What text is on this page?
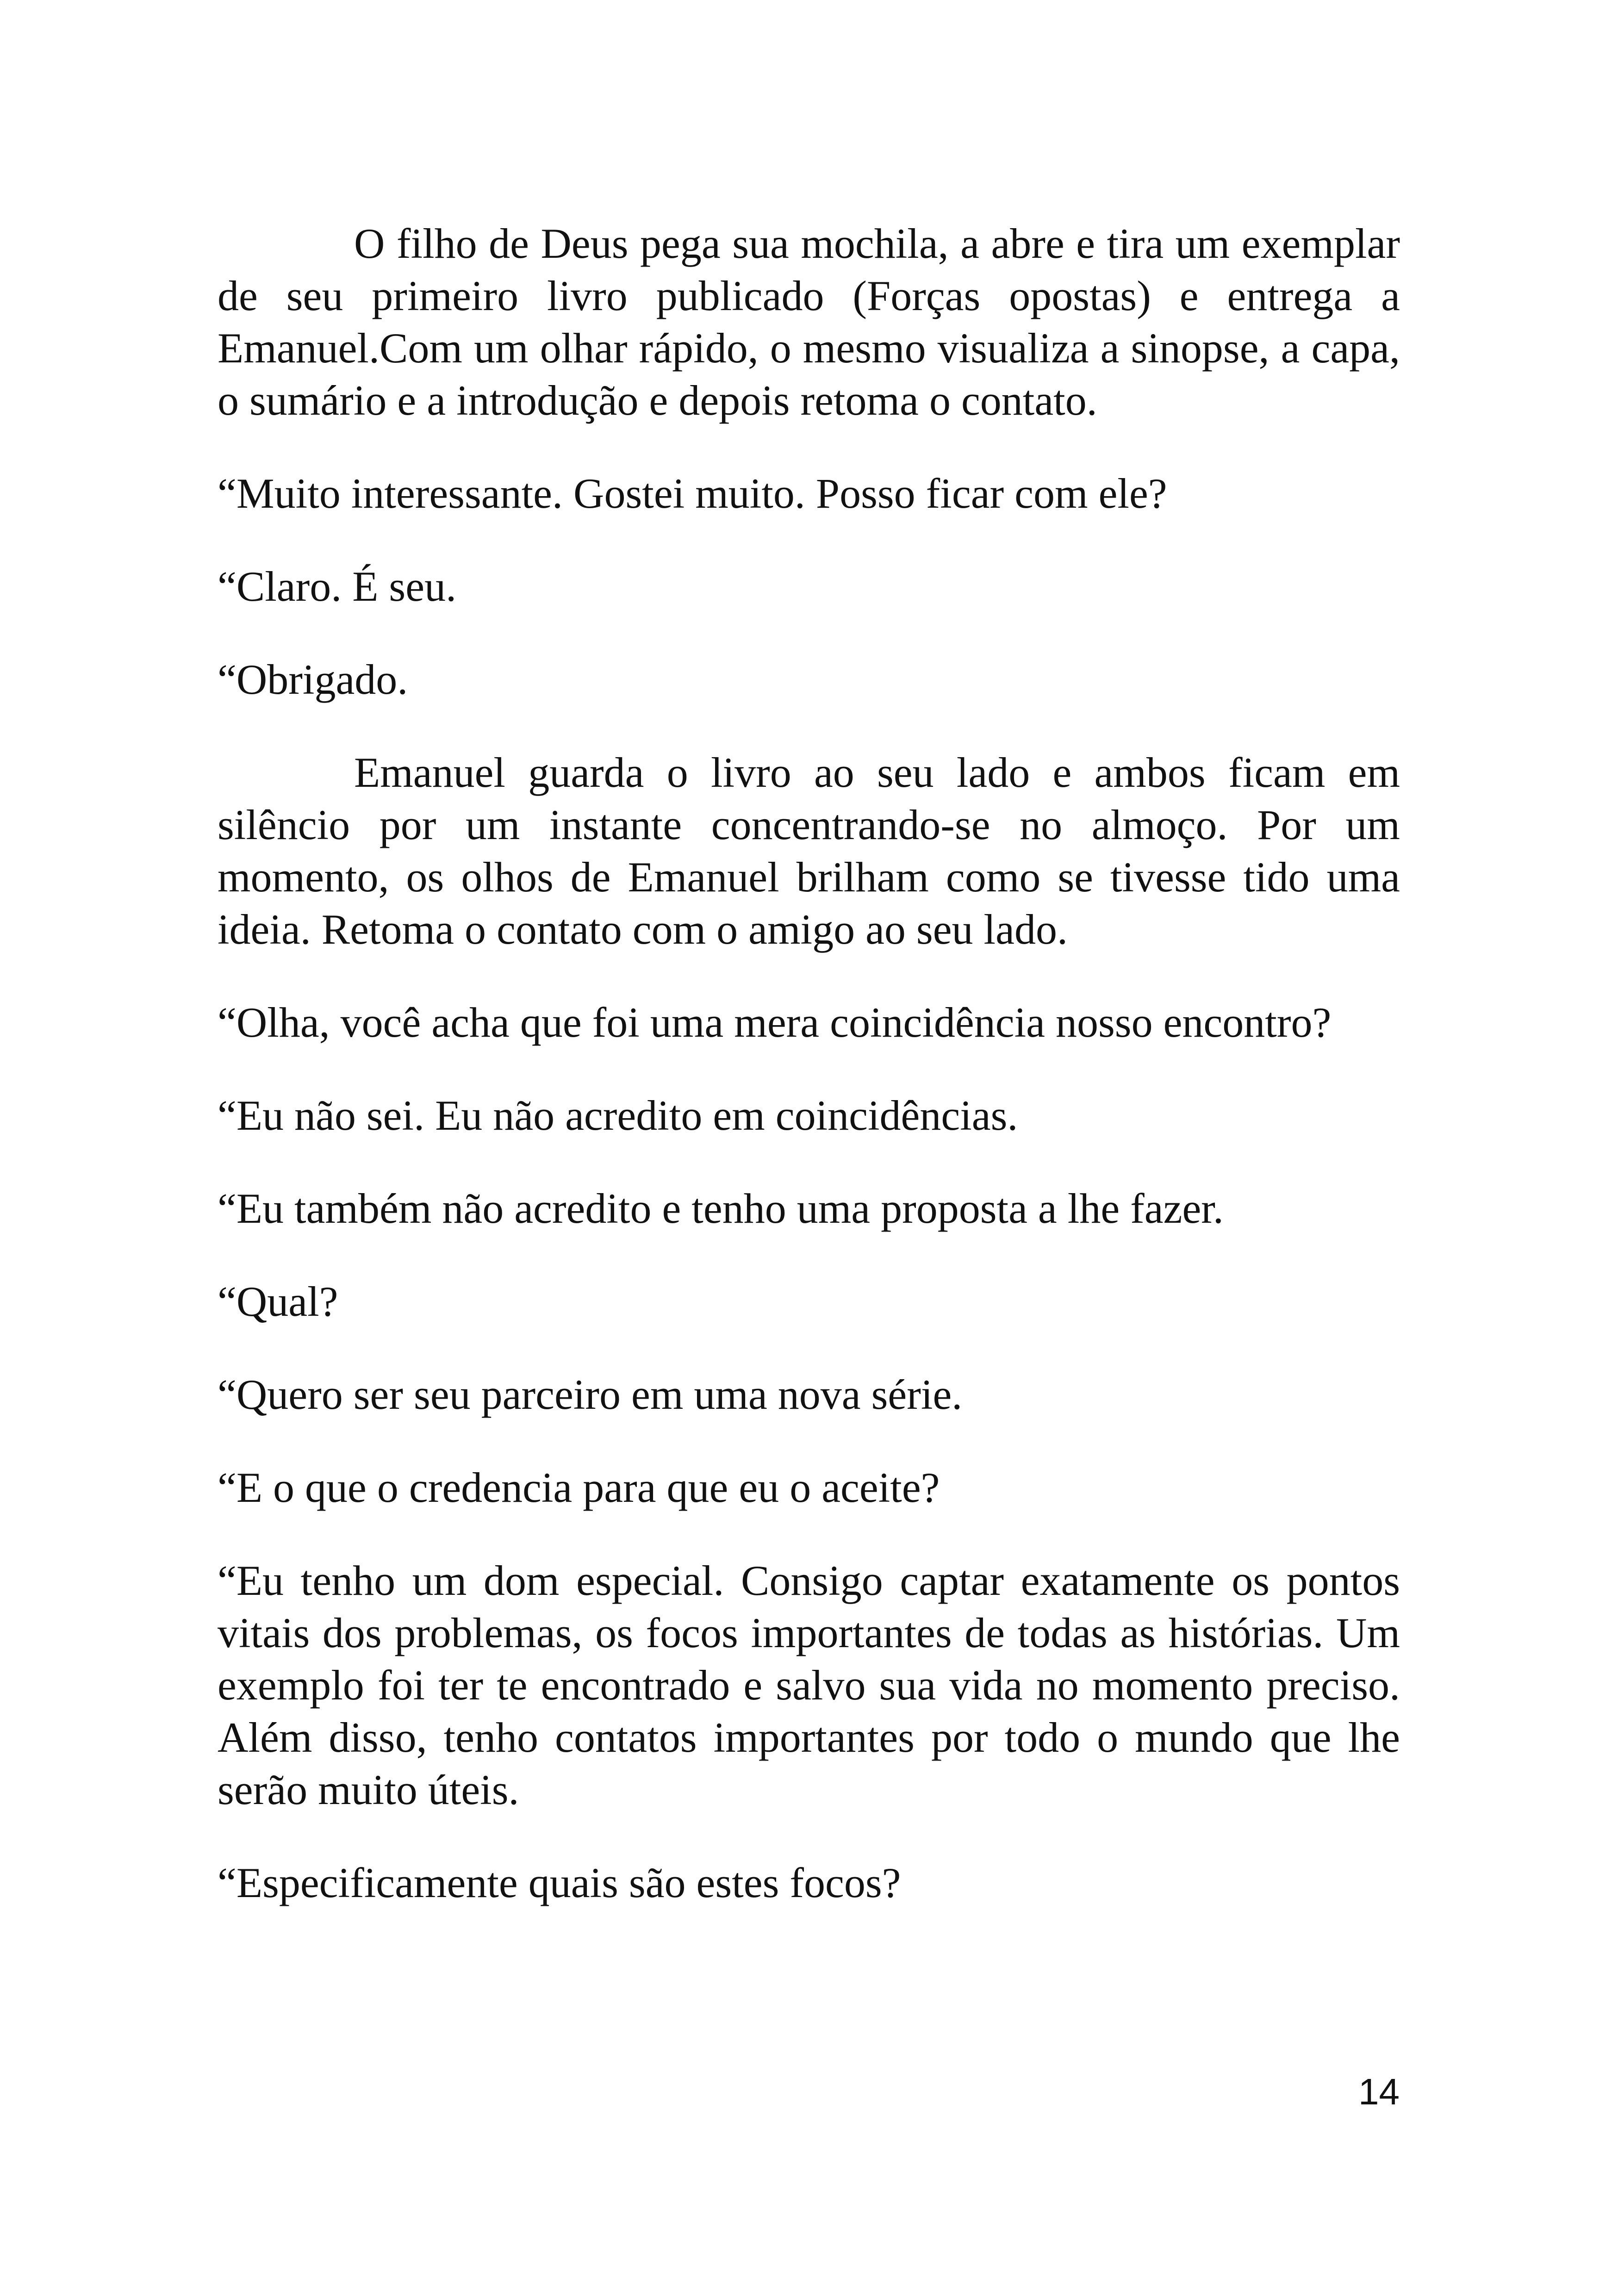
O filho de Deus pega sua mochila, a abre e tira um exemplar de seu primeiro livro publicado (Forças opostas) e entrega a Emanuel.Com um olhar rápido, o mesmo visualiza a sinopse, a capa, o sumário e a introdução e depois retoma o contato.

“Muito interessante. Gostei muito. Posso ficar com ele?

“Claro. É seu.

“Obrigado.

Emanuel guarda o livro ao seu lado e ambos ficam em silêncio por um instante concentrando-se no almoço. Por um momento, os olhos de Emanuel brilham como se tivesse tido uma ideia. Retoma o contato com o amigo ao seu lado.

“Olha, você acha que foi uma mera coincidência nosso encontro?

“Eu não sei. Eu não acredito em coincidências.

“Eu também não acredito e tenho uma proposta a lhe fazer.

“Qual?

“Quero ser seu parceiro em uma nova série.

“E o que o credencia para que eu o aceite?

“Eu tenho um dom especial. Consigo captar exatamente os pontos vitais dos problemas, os focos importantes de todas as histórias. Um exemplo foi ter te encontrado e salvo sua vida no momento preciso. Além disso, tenho contatos importantes por todo o mundo que lhe serão muito úteis.

“Especificamente quais são estes focos?

14
